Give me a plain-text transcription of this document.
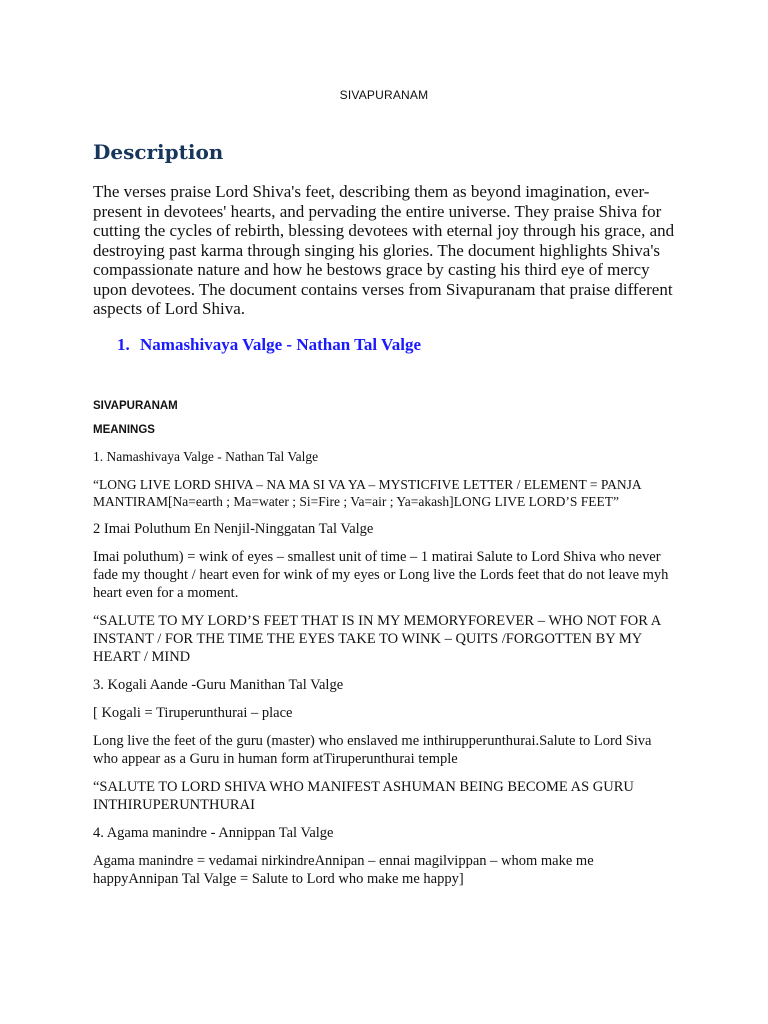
SIVAPURANAM
Description

The verses praise Lord Shiva's feet, describing them as beyond imagination, ever-present in devotees' hearts, and pervading the entire universe. They praise Shiva for cutting the cycles of rebirth, blessing devotees with eternal joy through his grace, and destroying past karma through singing his glories. The document highlights Shiva's compassionate nature and how he bestows grace by casting his third eye of mercy upon devotees. The document contains verses from Sivapuranam that praise different aspects of Lord Shiva.

1. Namashivaya Valge - Nathan Tal Valge
SIVAPURANAM
MEANINGS

1. Namashivaya Valge - Nathan Tal Valge

“LONG LIVE LORD SHIVA – NA MA SI VA YA – MYSTICFIVE LETTER / ELEMENT = PANJA MANTIRAM[Na=earth ; Ma=water ; Si=Fire ; Va=air ; Ya=akash]LONG LIVE LORD’S FEET”

2 Imai Poluthum En Nenjil-Ninggatan Tal Valge

Imai poluthum) = wink of eyes – smallest unit of time – 1 matirai Salute to Lord Shiva who never fade my thought / heart even for wink of my eyes or Long live the Lords feet that do not leave myh heart even for a moment.

“SALUTE TO MY LORD’S FEET THAT IS IN MY MEMORYFOREVER – WHO NOT FOR A INSTANT / FOR THE TIME THE EYES TAKE TO WINK – QUITS /FORGOTTEN BY MY HEART / MIND

3. Kogali Aande -Guru Manithan Tal Valge

[ Kogali = Tiruperunthurai – place

Long live the feet of the guru (master) who enslaved me inthirupperunthurai.Salute to Lord Siva who appear as a Guru in human form atTiruperunthurai temple

“SALUTE TO LORD SHIVA WHO MANIFEST ASHUMAN BEING BECOME AS GURU INTHIRUPERUNTHURAI

4. Agama manindre - Annippan Tal Valge

Agama manindre = vedamai nirkindreAnnipan – ennai magilvippan – whom make me happyAnnipan Tal Valge = Salute to Lord who make me happy]
